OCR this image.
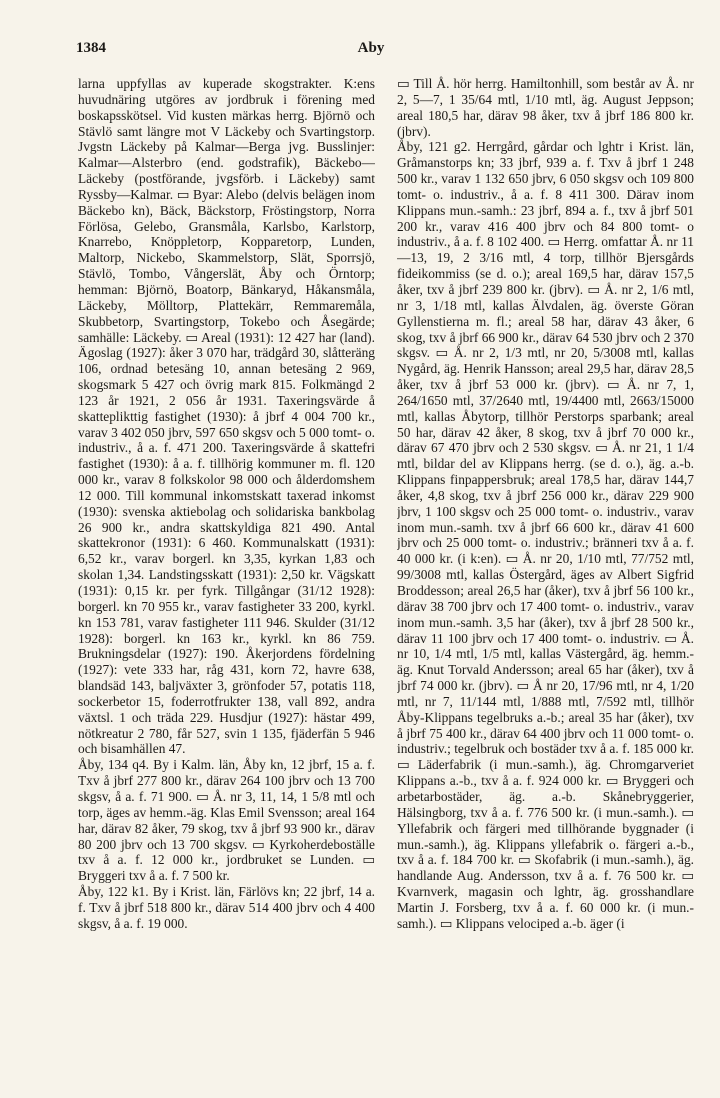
1384	Aby

larna uppfyllas av kuperade skogstrakter. K:ens huvudnäring utgöres av jordbruk i förening med boskapsskötsel. Vid kusten märkas herrg. Björnö och Stävlö samt längre mot V Läckeby och Svartingstorp. Jvgstn Läckeby på Kalmar—Berga jvg. Busslinjer: Kalmar—Alsterbro (end. godstrafik), Bäckebo—Läckeby (postförande, jvgsförb. i Läckeby) samt Ryssby—Kalmar. ▭ Byar: Alebo (delvis belägen inom Bäckebo kn), Bäck, Bäckstorp, Fröstingstorp, Norra Förlösa, Gelebo, Gransmåla, Karlsbo, Karlstorp, Knarrebo, Knöppletorp, Kopparetorp, Lunden, Maltorp, Nickebo, Skammelstorp, Slät, Sporrsjö, Stävlö, Tombo, Vångerslät, Åby och Örntorp; hemman: Björnö, Boatorp, Bänkaryd, Håkansmåla, Läckeby, Mölltorp, Plattekärr, Remmaremåla, Skubbetorp, Svartingstorp, Tokebo och Åsegärde; samhälle: Läckeby. ▭ Areal (1931): 12 427 har (land). Ägoslag (1927): åker 3 070 har, trädgård 30, slåtteräng 106, ordnad betesäng 10, annan betesäng 2 969, skogsmark 5 427 och övrig mark 815. Folkmängd 2 123 år 1921, 2 056 år 1931. Taxeringsvärde å skatteplikttig fastighet (1930): å jbrf 4 004 700 kr., varav 3 402 050 jbrv, 597 650 skgsv och 5 000 tomt- o. industriv., å a. f. 471 200. Taxeringsvärde å skattefri fastighet (1930): å a. f. tillhörig kommuner m. fl. 120 000 kr., varav 8 folkskolor 98 000 och ålderdomshem 12 000. Till kommunal inkomstskatt taxerad inkomst (1930): svenska aktiebolag och solidariska bankbolag 26 900 kr., andra skattskyldiga 821 490. Antal skattekronor (1931): 6 460. Kommunalskatt (1931): 6,52 kr., varav borgerl. kn 3,35, kyrkan 1,83 och skolan 1,34. Landstingsskatt (1931): 2,50 kr. Vägskatt (1931): 0,15 kr. per fyrk. Tillgångar (31/12 1928): borgerl. kn 70 955 kr., varav fastigheter 33 200, kyrkl. kn 153 781, varav fastigheter 111 946. Skulder (31/12 1928): borgerl. kn 163 kr., kyrkl. kn 86 759. Brukningsdelar (1927): 190. Åkerjordens fördelning (1927): vete 333 har, råg 431, korn 72, havre 638, blandsäd 143, baljväxter 3, grönfoder 57, potatis 118, sockerbetor 15, foderrotfrukter 138, vall 892, andra växtsl. 1 och träda 229. Husdjur (1927): hästar 499, nötkreatur 2 780, får 527, svin 1 135, fjäderfän 5 946 och bisamhällen 47.

Åby, 134 q4. By i Kalm. län, Åby kn, 12 jbrf, 15 a. f. Txv å jbrf 277 800 kr., därav 264 100 jbrv och 13 700 skgsv, å a. f. 71 900. ▭ Å. nr 3, 11, 14, 1 5/8 mtl och torp, äges av hemm.-äg. Klas Emil Svensson; areal 164 har, därav 82 åker, 79 skog, txv å jbrf 93 900 kr., därav 80 200 jbrv och 13 700 skgsv. ▭ Kyrkoherdeboställe txv å a. f. 12 000 kr., jordbruket se Lunden. ▭ Bryggeri txv å a. f. 7 500 kr.

Åby, 122 k1. By i Krist. län, Färlövs kn; 22 jbrf, 14 a. f. Txv å jbrf 518 800 kr., därav 514 400 jbrv och 4 400 skgsv, å a. f. 19 000.

▭ Till Å. hör herrg. Hamiltonhill, som består av Å. nr 2, 5—7, 1 35/64 mtl, 1/10 mtl, äg. August Jeppson; areal 180,5 har, därav 98 åker, txv å jbrf 186 800 kr. (jbrv).

Åby, 121 g2. Herrgård, gårdar och lghtr i Krist. län, Gråmanstorps kn; 33 jbrf, 939 a. f. Txv å jbrf 1 248 500 kr., varav 1 132 650 jbrv, 6 050 skgsv och 109 800 tomt- o. industriv., å a. f. 8 411 300. Därav inom Klippans mun.-samh.: 23 jbrf, 894 a. f., txv å jbrf 501 200 kr., varav 416 400 jbrv och 84 800 tomt- o industriv., å a. f. 8 102 400. ▭ Herrg. omfattar Å. nr 11—13, 19, 2 3/16 mtl, 4 torp, tillhör Bjersgårds fideikommiss (se d. o.); areal 169,5 har, därav 157,5 åker, txv å jbrf 239 800 kr. (jbrv). ▭ Å. nr 2, 1/6 mtl, nr 3, 1/18 mtl, kallas Älvdalen, äg. överste Göran Gyllenstierna m. fl.; areal 58 har, därav 43 åker, 6 skog, txv å jbrf 66 900 kr., därav 64 530 jbrv och 2 370 skgsv. ▭ Å. nr 2, 1/3 mtl, nr 20, 5/3008 mtl, kallas Nygård, äg. Henrik Hansson; areal 29,5 har, därav 28,5 åker, txv å jbrf 53 000 kr. (jbrv). ▭ Å. nr 7, 1, 264/1650 mtl, 37/2640 mtl, 19/4400 mtl, 2663/15000 mtl, kallas Åbytorp, tillhör Perstorps sparbank; areal 50 har, därav 42 åker, 8 skog, txv å jbrf 70 000 kr., därav 67 470 jbrv och 2 530 skgsv. ▭ Å. nr 21, 1 1/4 mtl, bildar del av Klippans herrg. (se d. o.), äg. a.-b. Klippans finpappersbruk; areal 178,5 har, därav 144,7 åker, 4,8 skog, txv å jbrf 256 000 kr., därav 229 900 jbrv, 1 100 skgsv och 25 000 tomt- o. industriv., varav inom mun.-samh. txv å jbrf 66 600 kr., därav 41 600 jbrv och 25 000 tomt- o. industriv.; bränneri txv å a. f. 40 000 kr. (i k:en). ▭ Å. nr 20, 1/10 mtl, 77/752 mtl, 99/3008 mtl, kallas Östergård, äges av Albert Sigfrid Broddesson; areal 26,5 har (åker), txv å jbrf 56 100 kr., därav 38 700 jbrv och 17 400 tomt- o. industriv., varav inom mun.-samh. 3,5 har (åker), txv å jbrf 28 500 kr., därav 11 100 jbrv och 17 400 tomt- o. industriv. ▭ Å. nr 10, 1/4 mtl, 1/5 mtl, kallas Västergård, äg. hemm.-äg. Knut Torvald Andersson; areal 65 har (åker), txv å jbrf 74 000 kr. (jbrv). ▭ Å nr 20, 17/96 mtl, nr 4, 1/20 mtl, nr 7, 11/144 mtl, 1/888 mtl, 7/592 mtl, tillhör Åby-Klippans tegelbruks a.-b.; areal 35 har (åker), txv å jbrf 75 400 kr., därav 64 400 jbrv och 11 000 tomt- o. industriv.; tegelbruk och bostäder txv å a. f. 185 000 kr. ▭ Läderfabrik (i mun.-samh.), äg. Chromgarveriet Klippans a.-b., txv å a. f. 924 000 kr. ▭ Bryggeri och arbetarbostäder, äg. a.-b. Skånebryggerier, Hälsingborg, txv å a. f. 776 500 kr. (i mun.-samh.). ▭ Yllefabrik och färgeri med tillhörande byggnader (i mun.-samh.), äg. Klippans yllefabrik o. färgeri a.-b., txv å a. f. 184 700 kr. ▭ Skofabrik (i mun.-samh.), äg. handlande Aug. Andersson, txv å a. f. 76 500 kr. ▭ Kvarnverk, magasin och lghtr, äg. grosshandlare Martin J. Forsberg, txv å a. f. 60 000 kr. (i mun.-samh.). ▭ Klippans velociped a.-b. äger (i
